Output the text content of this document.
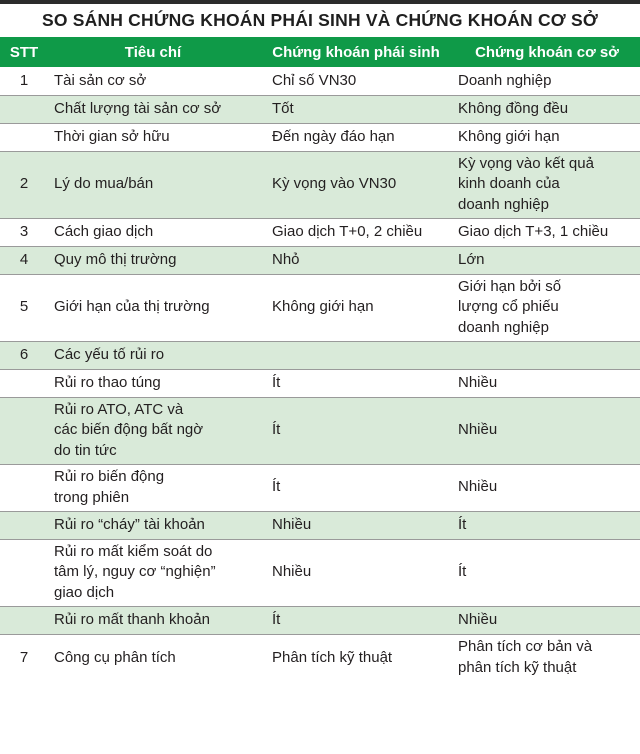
SO SÁNH CHỨNG KHOÁN PHÁI SINH VÀ CHỨNG KHOÁN CƠ SỞ
STT	Tiêu chí	Chứng khoán phái sinh	Chứng khoán cơ sở
1	Tài sản cơ sở	Chỉ số VN30	Doanh nghiệp
	Chất lượng tài sản cơ sở	Tốt	Không đồng đều
	Thời gian sở hữu	Đến ngày đáo hạn	Không giới hạn
2	Lý do mua/bán	Kỳ vọng vào VN30	Kỳ vọng vào kết quả
kinh doanh của
doanh nghiệp
3	Cách giao dịch	Giao dịch T+0, 2 chiều	Giao dịch T+3, 1 chiều
4	Quy mô thị trường	Nhỏ	Lớn
5	Giới hạn của thị trường	Không giới hạn	Giới hạn bởi số
lượng cổ phiếu
doanh nghiệp
6	Các yếu tố rủi ro		
	Rủi ro thao túng	Ít	Nhiều
	Rủi ro ATO, ATC và
các biến động bất ngờ
do tin tức	Ít	Nhiều
	Rủi ro biến động
trong phiên	Ít	Nhiều
	Rủi ro “cháy” tài khoản	Nhiều	Ít
	Rủi ro mất kiểm soát do
tâm lý, nguy cơ “nghiện”
giao dịch	Nhiều	Ít
	Rủi ro mất thanh khoản	Ít	Nhiều
7	Công cụ phân tích	Phân tích kỹ thuật	Phân tích cơ bản và
phân tích kỹ thuật
